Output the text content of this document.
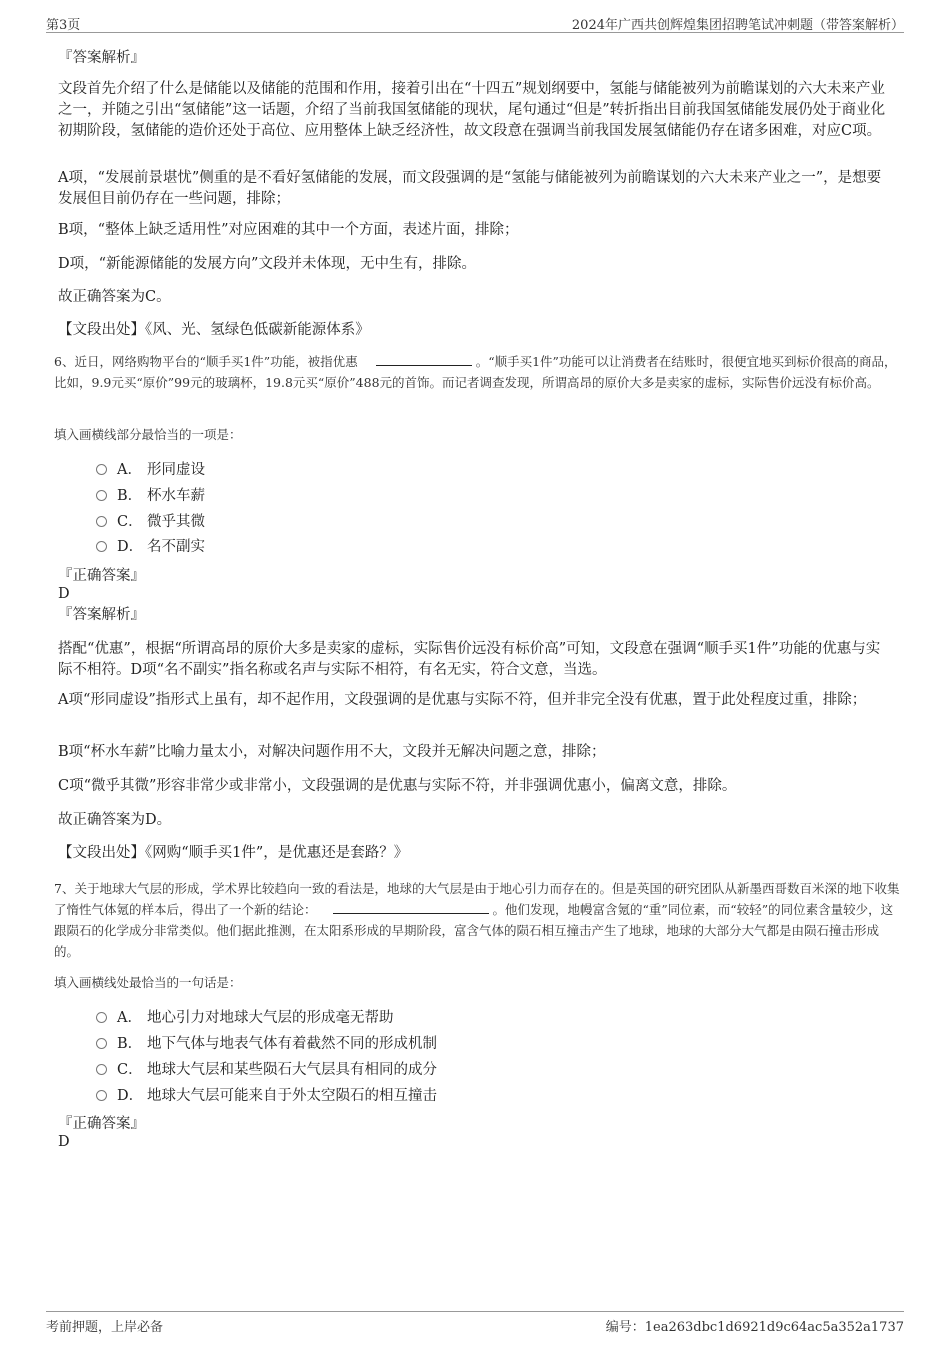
第3页	2024年广西共创辉煌集团招聘笔试冲刺题（带答案解析）
『答案解析』
文段首先介绍了什么是储能以及储能的范围和作用，接着引出在“十四五”规划纲要中，氢能与储能被列为前瞻谋划的六大未来产业之一，并随之引出“氢储能”这一话题，介绍了当前我国氢储能的现状，尾句通过“但是”转折指出目前我国氢储能发展仍处于商业化初期阶段，氢储能的造价还处于高位、应用整体上缺乏经济性，故文段意在强调当前我国发展氢储能仍存在诸多困难，对应C项。
A项，“发展前景堪忧”侧重的是不看好氢储能的发展，而文段强调的是“氢能与储能被列为前瞻谋划的六大未来产业之一”，是想要发展但目前仍存在一些问题，排除；
B项，“整体上缺乏适用性”对应困难的其中一个方面，表述片面，排除；
D项，“新能源储能的发展方向”文段并未体现，无中生有，排除。
故正确答案为C。
【文段出处】《风、光、氢绿色低碳新能源体系》
6、近日，网络购物平台的“顺手买1件”功能，被指优惠	。“顺手买1件”功能可以让消费者在结账时，很便宜地买到标价很高的商品，比如，9.9元买“原价”99元的玻璃杯，19.8元买“原价”488元的首饰。而记者调查发现，所谓高昂的原价大多是卖家的虚标，实际售价远没有标价高。
填入画横线部分最恰当的一项是：
A． 形同虚设
B． 杯水车薪
C． 微乎其微
D． 名不副实
『正确答案』
D
『答案解析』
搭配“优惠”，根据“所谓高昂的原价大多是卖家的虚标，实际售价远没有标价高”可知，文段意在强调“顺手买1件”功能的优惠与实际不相符。D项“名不副实”指名称或名声与实际不相符，有名无实，符合文意，当选。
A项“形同虚设”指形式上虽有，却不起作用，文段强调的是优惠与实际不符，但并非完全没有优惠，置于此处程度过重，排除；
B项“杯水车薪”比喻力量太小，对解决问题作用不大，文段并无解决问题之意，排除；
C项“微乎其微”形容非常少或非常小，文段强调的是优惠与实际不符，并非强调优惠小，偏离文意，排除。
故正确答案为D。
【文段出处】《网购“顺手买1件”，是优惠还是套路？》
7、关于地球大气层的形成，学术界比较趋向一致的看法是，地球的大气层是由于地心引力而存在的。但是英国的研究团队从新墨西哥数百米深的地下收集了惰性气体氪的样本后，得出了一个新的结论：	。他们发现，地幔富含氪的“重”同位素，而“较轻”的同位素含量较少，这跟陨石的化学成分非常类似。他们据此推测，在太阳系形成的早期阶段，富含气体的陨石相互撞击产生了地球，地球的大部分大气都是由陨石撞击形成的。
填入画横线处最恰当的一句话是：
A． 地心引力对地球大气层的形成毫无帮助
B． 地下气体与地表气体有着截然不同的形成机制
C． 地球大气层和某些陨石大气层具有相同的成分
D． 地球大气层可能来自于外太空陨石的相互撞击
『正确答案』
D
考前押题，上岸必备	编号：1ea263dbc1d6921d9c64ac5a352a1737
